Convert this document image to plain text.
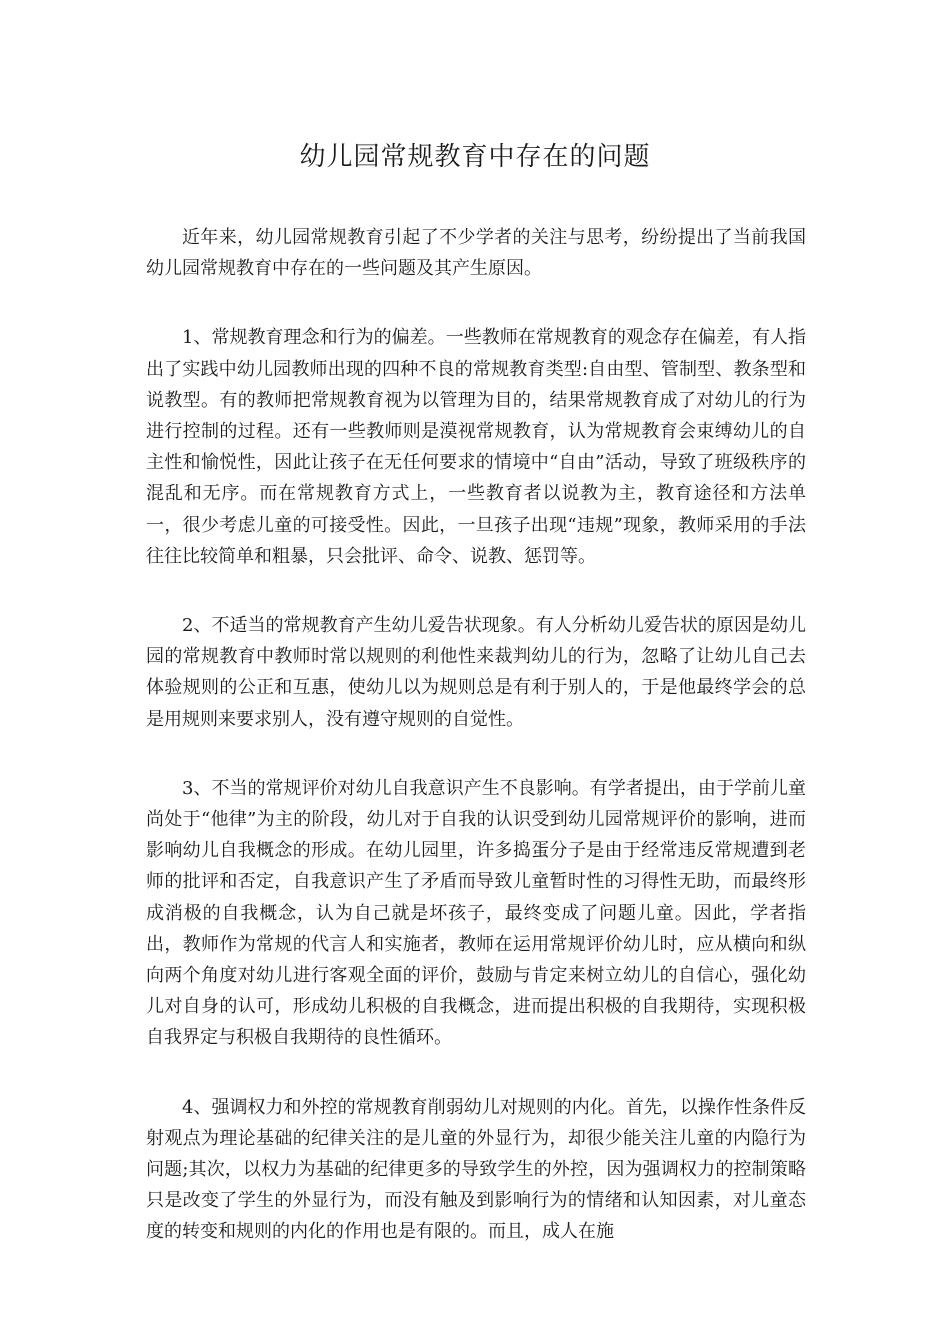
幼儿园常规教育中存在的问题

近年来，幼儿园常规教育引起了不少学者的关注与思考，纷纷提出了当前我国幼儿园常规教育中存在的一些问题及其产生原因。

1、常规教育理念和行为的偏差。一些教师在常规教育的观念存在偏差，有人指出了实践中幼儿园教师出现的四种不良的常规教育类型:自由型、管制型、教条型和说教型。有的教师把常规教育视为以管理为目的，结果常规教育成了对幼儿的行为进行控制的过程。还有一些教师则是漠视常规教育，认为常规教育会束缚幼儿的自主性和愉悦性，因此让孩子在无任何要求的情境中“自由”活动，导致了班级秩序的混乱和无序。而在常规教育方式上，一些教育者以说教为主，教育途径和方法单一，很少考虑儿童的可接受性。因此，一旦孩子出现“违规”现象，教师采用的手法往往比较简单和粗暴，只会批评、命令、说教、惩罚等。

2、不适当的常规教育产生幼儿爱告状现象。有人分析幼儿爱告状的原因是幼儿园的常规教育中教师时常以规则的利他性来裁判幼儿的行为，忽略了让幼儿自己去体验规则的公正和互惠，使幼儿以为规则总是有利于别人的，于是他最终学会的总是用规则来要求别人，没有遵守规则的自觉性。

3、不当的常规评价对幼儿自我意识产生不良影响。有学者提出，由于学前儿童尚处于“他律”为主的阶段，幼儿对于自我的认识受到幼儿园常规评价的影响，进而影响幼儿自我概念的形成。在幼儿园里，许多捣蛋分子是由于经常违反常规遭到老师的批评和否定，自我意识产生了矛盾而导致儿童暂时性的习得性无助，而最终形成消极的自我概念，认为自己就是坏孩子，最终变成了问题儿童。因此，学者指出，教师作为常规的代言人和实施者，教师在运用常规评价幼儿时，应从横向和纵向两个角度对幼儿进行客观全面的评价，鼓励与肯定来树立幼儿的自信心，强化幼儿对自身的认可，形成幼儿积极的自我概念，进而提出积极的自我期待，实现积极自我界定与积极自我期待的良性循环。

4、强调权力和外控的常规教育削弱幼儿对规则的内化。首先，以操作性条件反射观点为理论基础的纪律关注的是儿童的外显行为，却很少能关注儿童的内隐行为问题;其次，以权力为基础的纪律更多的导致学生的外控，因为强调权力的控制策略只是改变了学生的外显行为，而没有触及到影响行为的情绪和认知因素，对儿童态度的转变和规则的内化的作用也是有限的。而且，成人在施
